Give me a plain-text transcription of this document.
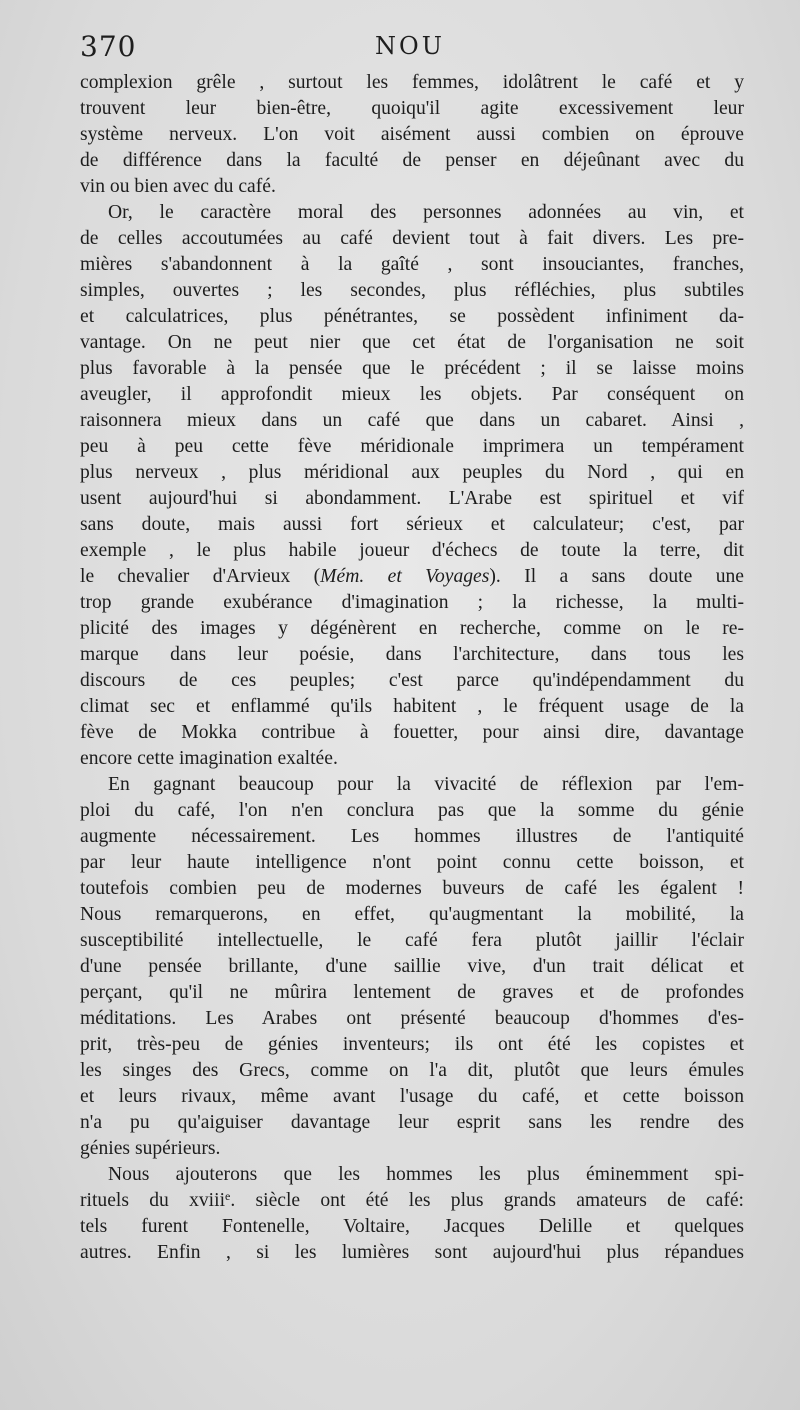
370	NOU
complexion grêle , surtout les femmes, idolâtrent le café et y
trouvent leur bien-être, quoiqu'il agite excessivement leur
système nerveux. L'on voit aisément aussi combien on éprouve
de différence dans la faculté de penser en déjeûnant avec du
vin ou bien avec du café.
Or, le caractère moral des personnes adonnées au vin, et
de celles accoutumées au café devient tout à fait divers. Les pre-
mières s'abandonnent à la gaîté , sont insouciantes, franches,
simples, ouvertes ; les secondes, plus réfléchies, plus subtiles
et calculatrices, plus pénétrantes, se possèdent infiniment da-
vantage. On ne peut nier que cet état de l'organisation ne soit
plus favorable à la pensée que le précédent ; il se laisse moins
aveugler, il approfondit mieux les objets. Par conséquent on
raisonnera mieux dans un café que dans un cabaret. Ainsi ,
peu à peu cette fève méridionale imprimera un tempérament
plus nerveux , plus méridional aux peuples du Nord , qui en
usent aujourd'hui si abondamment. L'Arabe est spirituel et vif
sans doute, mais aussi fort sérieux et calculateur; c'est, par
exemple , le plus habile joueur d'échecs de toute la terre, dit
le chevalier d'Arvieux (Mém. et Voyages). Il a sans doute une
trop grande exubérance d'imagination ; la richesse, la multi-
plicité des images y dégénèrent en recherche, comme on le re-
marque dans leur poésie, dans l'architecture, dans tous les
discours de ces peuples; c'est parce qu'indépendamment du
climat sec et enflammé qu'ils habitent , le fréquent usage de la
fève de Mokka contribue à fouetter, pour ainsi dire, davantage
encore cette imagination exaltée.
En gagnant beaucoup pour la vivacité de réflexion par l'em-
ploi du café, l'on n'en conclura pas que la somme du génie
augmente nécessairement. Les hommes illustres de l'antiquité
par leur haute intelligence n'ont point connu cette boisson, et
toutefois combien peu de modernes buveurs de café les égalent !
Nous remarquerons, en effet, qu'augmentant la mobilité, la
susceptibilité intellectuelle, le café fera plutôt jaillir l'éclair
d'une pensée brillante, d'une saillie vive, d'un trait délicat et
perçant, qu'il ne mûrira lentement de graves et de profondes
méditations. Les Arabes ont présenté beaucoup d'hommes d'es-
prit, très-peu de génies inventeurs; ils ont été les copistes et
les singes des Grecs, comme on l'a dit, plutôt que leurs émules
et leurs rivaux, même avant l'usage du café, et cette boisson
n'a pu qu'aiguiser davantage leur esprit sans les rendre des
génies supérieurs.
Nous ajouterons que les hommes les plus éminemment spi-
rituels du xviii$^e$. siècle ont été les plus grands amateurs de café:
tels furent Fontenelle, Voltaire, Jacques Delille et quelques
autres. Enfin , si les lumières sont aujourd'hui plus répandues
